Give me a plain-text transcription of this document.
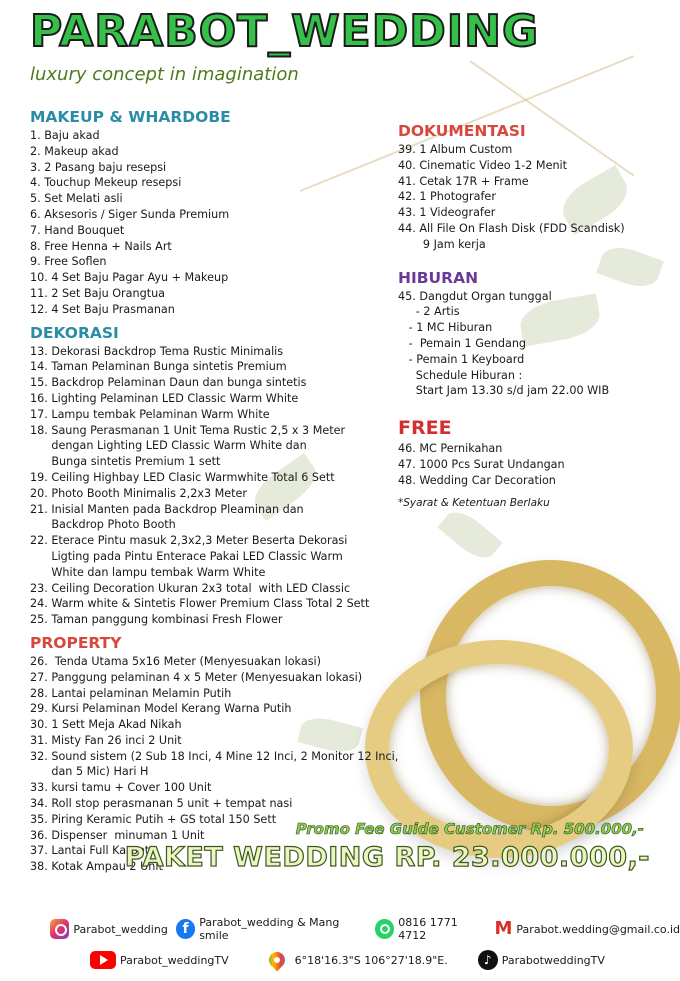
PARABOT_WEDDING
luxury concept in imagination
MAKEUP & WHARDOBE
1. Baju akad
2. Makeup akad
3. 2 Pasang baju resepsi
4. Touchup Mekeup resepsi
5. Set Melati asli
6. Aksesoris / Siger Sunda Premium
7. Hand Bouquet
8. Free Henna + Nails Art
9. Free Soflen
10. 4 Set Baju Pagar Ayu + Makeup
11. 2 Set Baju Orangtua
12. 4 Set Baju Prasmanan
DEKORASI
13. Dekorasi Backdrop Tema Rustic Minimalis
14. Taman Pelaminan Bunga sintetis Premium
15. Backdrop Pelaminan Daun dan bunga sintetis
16. Lighting Pelaminan LED Classic Warm White
17. Lampu tembak Pelaminan Warm White
18. Saung Perasmanan 1 Unit Tema Rustic 2,5 x 3 Meter
dengan Lighting LED Classic Warm White dan
Bunga sintetis Premium 1 sett
19. Ceiling Highbay LED Clasic Warmwhite Total 6 Sett
20. Photo Booth Minimalis 2,2x3 Meter
21. Inisial Manten pada Backdrop Pleaminan dan
Backdrop Photo Booth
22. Eterace Pintu masuk 2,3x2,3 Meter Beserta Dekorasi
Ligting pada Pintu Enterace Pakai LED Classic Warm
White dan lampu tembak Warm White
23. Ceiling Decoration Ukuran 2x3 total  with LED Classic
24. Warm white & Sintetis Flower Premium Class Total 2 Sett
25. Taman panggung kombinasi Fresh Flower
PROPERTY
26.  Tenda Utama 5x16 Meter (Menyesuakan lokasi)
27. Panggung pelaminan 4 x 5 Meter (Menyesuakan lokasi)
28. Lantai pelaminan Melamin Putih
29. Kursi Pelaminan Model Kerang Warna Putih
30. 1 Sett Meja Akad Nikah
31. Misty Fan 26 inci 2 Unit
32. Sound sistem (2 Sub 18 Inci, 4 Mine 12 Inci, 2 Monitor 12 Inci,
dan 5 Mic) Hari H
33. kursi tamu + Cover 100 Unit
34. Roll stop perasmanan 5 unit + tempat nasi
35. Piring Keramic Putih + GS total 150 Sett
36. Dispenser  minuman 1 Unit
37. Lantai Full Karpet
38. Kotak Ampau 2 Unit
DOKUMENTASI
39. 1 Album Custom
40. Cinematic Video 1-2 Menit
41. Cetak 17R + Frame
42. 1 Photografer
43. 1 Videografer
44. All File On Flash Disk (FDD Scandisk)
9 Jam kerja
HIBURAN
45. Dangdut Organ tunggal
- 2 Artis
- 1 MC Hiburan
-  Pemain 1 Gendang
- Pemain 1 Keyboard
Schedule Hiburan :
Start Jam 13.30 s/d jam 22.00 WIB
FREE
46. MC Pernikahan
47. 1000 Pcs Surat Undangan
48. Wedding Car Decoration
*Syarat & Ketentuan Berlaku
Promo Fee Guide Customer Rp. 500.000,-
PAKET WEDDING RP. 23.000.000,-
Parabot_wedding	f Parabot_wedding & Mang smile
0816 1771 4712	M Parabot.wedding@gmail.co.id
Parabot_weddingTV	6°18'16.3"S 106°27'18.9"E.	♪ ParabotweddingTV
